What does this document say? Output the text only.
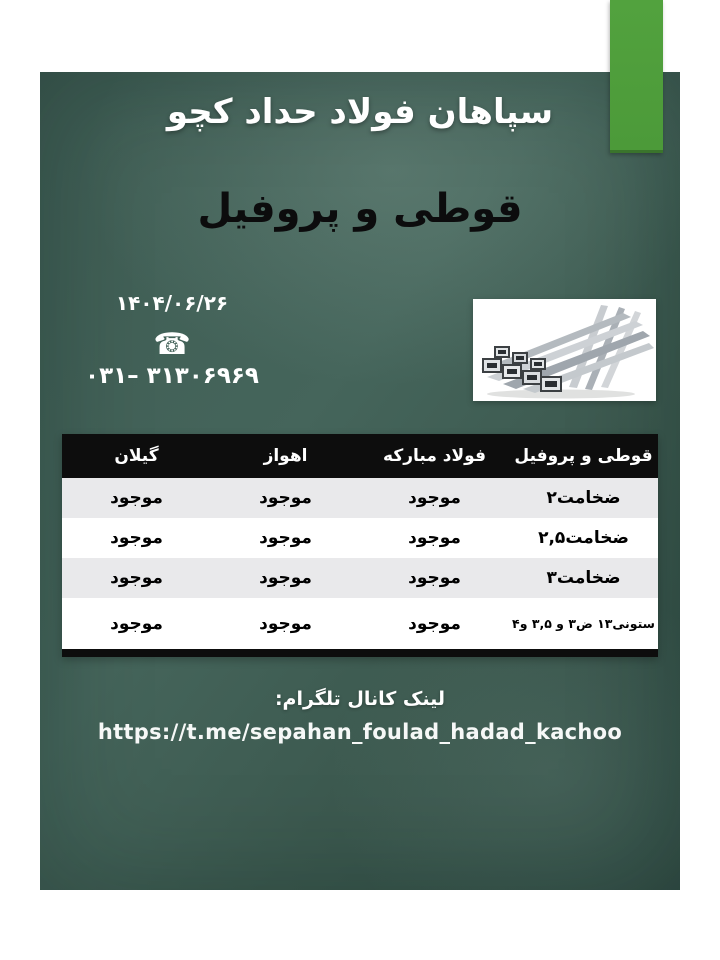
سپاهان فولاد حداد کچو
قوطی و پروفیل
۱۴۰۴/۰۶/۲۶
☎
۰۳۱– ۳۱۳۰۶۹۶۹
قوطی و پروفیل
فولاد مبارکه
اهواز
گیلان
ضخامت۲
موجود
موجود
موجود
ضخامت۲,۵
موجود
موجود
موجود
ضخامت۳
موجود
موجود
موجود
ستونی۱۳ ض۳ و ۳,۵ و۴
موجود
موجود
موجود
لینک کانال تلگرام:
https://t.me/sepahan_foulad_hadad_kachoo
